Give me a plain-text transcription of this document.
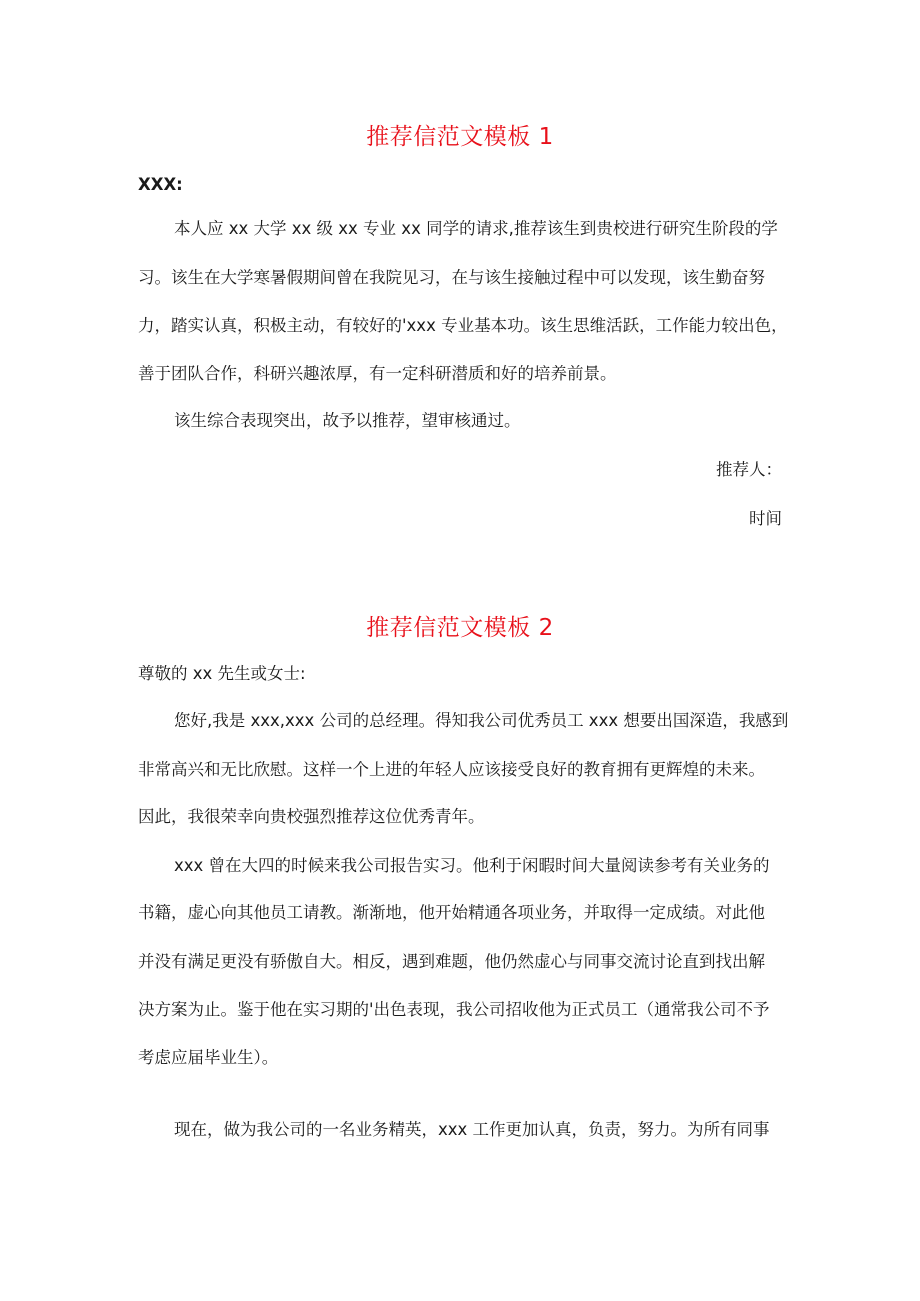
推荐信范文模板 1

XXX:

本人应 xx 大学 xx 级 xx 专业 xx 同学的请求,推荐该生到贵校进行研究生阶段的学

习。该生在大学寒暑假期间曾在我院见习，在与该生接触过程中可以发现，该生勤奋努

力，踏实认真，积极主动，有较好的'xxx 专业基本功。该生思维活跃，工作能力较出色，

善于团队合作，科研兴趣浓厚，有一定科研潜质和好的培养前景。

该生综合表现突出，故予以推荐，望审核通过。

推荐人：

时间

推荐信范文模板 2

尊敬的 xx 先生或女士:

您好,我是 xxx,xxx 公司的总经理。得知我公司优秀员工 xxx 想要出国深造，我感到

非常高兴和无比欣慰。这样一个上进的年轻人应该接受良好的教育拥有更辉煌的未来。

因此，我很荣幸向贵校强烈推荐这位优秀青年。

xxx 曾在大四的时候来我公司报告实习。他利于闲暇时间大量阅读参考有关业务的

书籍，虚心向其他员工请教。渐渐地，他开始精通各项业务，并取得一定成绩。对此他

并没有满足更没有骄傲自大。相反，遇到难题，他仍然虚心与同事交流讨论直到找出解

决方案为止。鉴于他在实习期的'出色表现，我公司招收他为正式员工（通常我公司不予

考虑应届毕业生）。

现在，做为我公司的一名业务精英，xxx 工作更加认真，负责，努力。为所有同事
